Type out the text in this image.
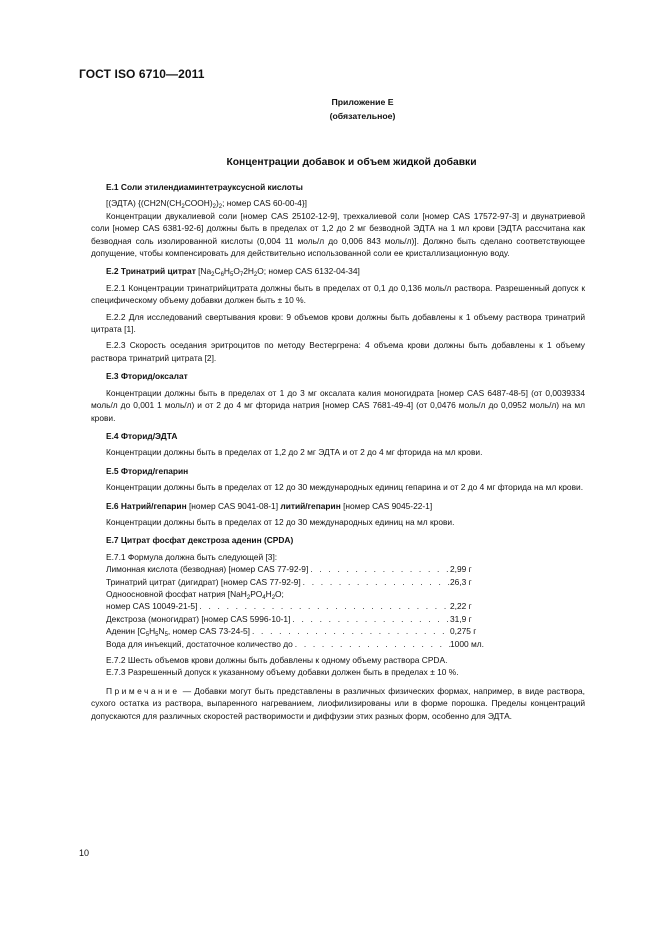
ГОСТ ISO 6710—2011
Приложение Е
(обязательное)
Концентрации добавок и объем жидкой добавки

Е.1 Соли этилендиаминтетрауксусной кислоты

[(ЭДТА) {$(CH2N(CH_2COOH)_2)_2$; номер CAS 60-00-4}]

Концентрации двукалиевой соли [номер CAS 25102-12-9], трехкалиевой соли [номер CAS 17572-97-3] и двунатриевой соли [номер CAS 6381-92-6] должны быть в пределах от 1,2 до 2 мг безводной ЭДТА на 1 мл крови [ЭДТА рассчитана как безводная соль изолированной кислоты (0,004 11 моль/л до 0,006 843 моль/л)]. Должно быть сделано соответствующее допущение, чтобы компенсировать для действительно использованной соли ее кристаллизационную воду.

Е.2 Тринатрий цитрат [$Na_2C_6H_5O_72H_2O$; номер CAS 6132-04-34]

Е.2.1 Концентрации тринатрийцитрата должны быть в пределах от 0,1 до 0,136 моль/л раствора. Разрешенный допуск к специфическому объему добавки должен быть ± 10 %.

Е.2.2 Для исследований свертывания крови: 9 объемов крови должны быть добавлены к 1 объему раствора тринатрий цитрата [1].

Е.2.3 Скорость оседания эритроцитов по методу Вестергрена: 4 объема крови должны быть добавлены к 1 объему раствора тринатрий цитрата [2].

Е.3 Фторид/оксалат

Концентрации должны быть в пределах от 1 до 3 мг оксалата калия моногидрата [номер CAS 6487-48-5] (от 0,0039334 моль/л до 0,001 1 моль/л) и от 2 до 4 мг фторида натрия [номер CAS 7681-49-4] (от 0,0476 моль/л до 0,0952 моль/л) на мл крови.

Е.4 Фторид/ЭДТА

Концентрации должны быть в пределах от 1,2 до 2 мг ЭДТА и от 2 до 4 мг фторида на мл крови.

Е.5 Фторид/гепарин

Концентрации должны быть в пределах от 12 до 30 международных единиц гепарина и от 2 до 4 мг фторида на мл крови.

Е.6 Натрий/гепарин [номер CAS 9041-08-1] литий/гепарин [номер CAS 9045-22-1]

Концентрации должны быть в пределах от 12 до 30 международных единиц на мл крови.

Е.7 Цитрат фосфат декстроза аденин (CPDA)

Е.7.1 Формула должна быть следующей [3]:

Лимонная кислота (безводная) [номер CAS 77-92-9] . . .	2,99 г
Тринатрий цитрат (дигидрат) [номер CAS 77-92-9] . . .	26,3 г

Одноосновной фосфат натрия [$NaH_2PO_4H_2O$;

номер CAS 10049-21-5] . . .	2,22 г
Декстроза (моногидрат) [номер CAS 5996-10-1] . . .	31,9 г
Аденин [$C_5H_5N_5$, номер CAS 73-24-5] . . .	0,275 г
Вода для инъекций, достаточное количество до . . .	1000 мл.

Е.7.2 Шесть объемов крови должны быть добавлены к одному объему раствора CPDA.

Е.7.3 Разрешенный допуск к указанному объему добавки должен быть в пределах ± 10 %.

Примечание — Добавки могут быть представлены в различных физических формах, например, в виде раствора, сухого остатка из раствора, выпаренного нагреванием, лиофилизированы или в форме порошка. Пределы концентраций допускаются для различных скоростей растворимости и диффузии этих разных форм, особенно для ЭДТА.

10
